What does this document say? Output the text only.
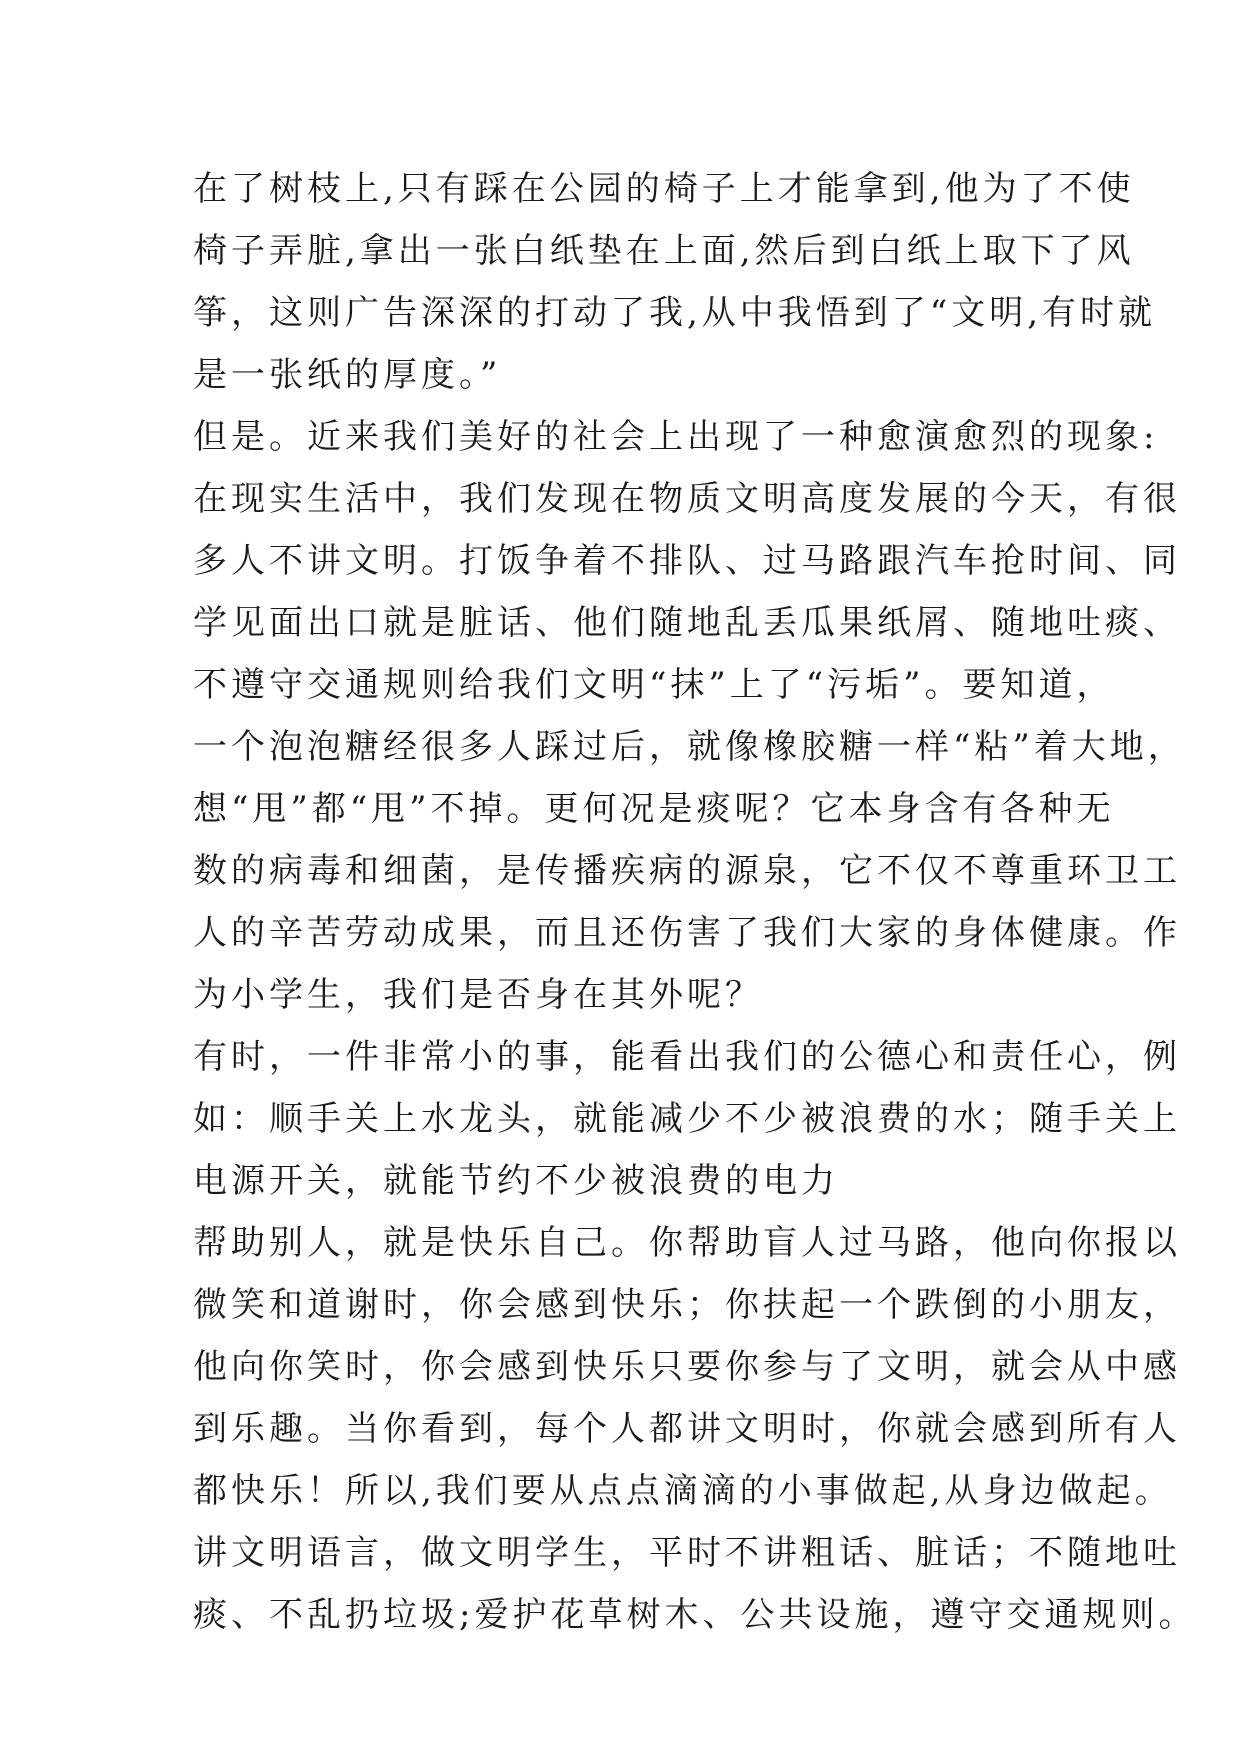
在了树枝上,只有踩在公园的椅子上才能拿到,他为了不使
椅子弄脏,拿出一张白纸垫在上面,然后到白纸上取下了风
筝，这则广告深深的打动了我,从中我悟到了“文明,有时就
是一张纸的厚度。”
但是。近来我们美好的社会上出现了一种愈演愈烈的现象:
在现实生活中，我们发现在物质文明高度发展的今天，有很
多人不讲文明。打饭争着不排队、过马路跟汽车抢时间、同
学见面出口就是脏话、他们随地乱丢瓜果纸屑、随地吐痰、
不遵守交通规则给我们文明“抹”上了“污垢”。要知道，
一个泡泡糖经很多人踩过后，就像橡胶糖一样“粘”着大地，
想“甩”都“甩”不掉。更何况是痰呢？它本身含有各种无
数的病毒和细菌，是传播疾病的源泉，它不仅不尊重环卫工
人的辛苦劳动成果，而且还伤害了我们大家的身体健康。作
为小学生，我们是否身在其外呢？
有时，一件非常小的事，能看出我们的公德心和责任心，例
如：顺手关上水龙头，就能减少不少被浪费的水；随手关上
电源开关，就能节约不少被浪费的电力
帮助别人，就是快乐自己。你帮助盲人过马路，他向你报以
微笑和道谢时，你会感到快乐；你扶起一个跌倒的小朋友，
他向你笑时，你会感到快乐只要你参与了文明，就会从中感
到乐趣。当你看到，每个人都讲文明时，你就会感到所有人
都快乐！所以,我们要从点点滴滴的小事做起,从身边做起。
讲文明语言，做文明学生，平时不讲粗话、脏话；不随地吐
痰、不乱扔垃圾;爱护花草树木、公共设施，遵守交通规则。
